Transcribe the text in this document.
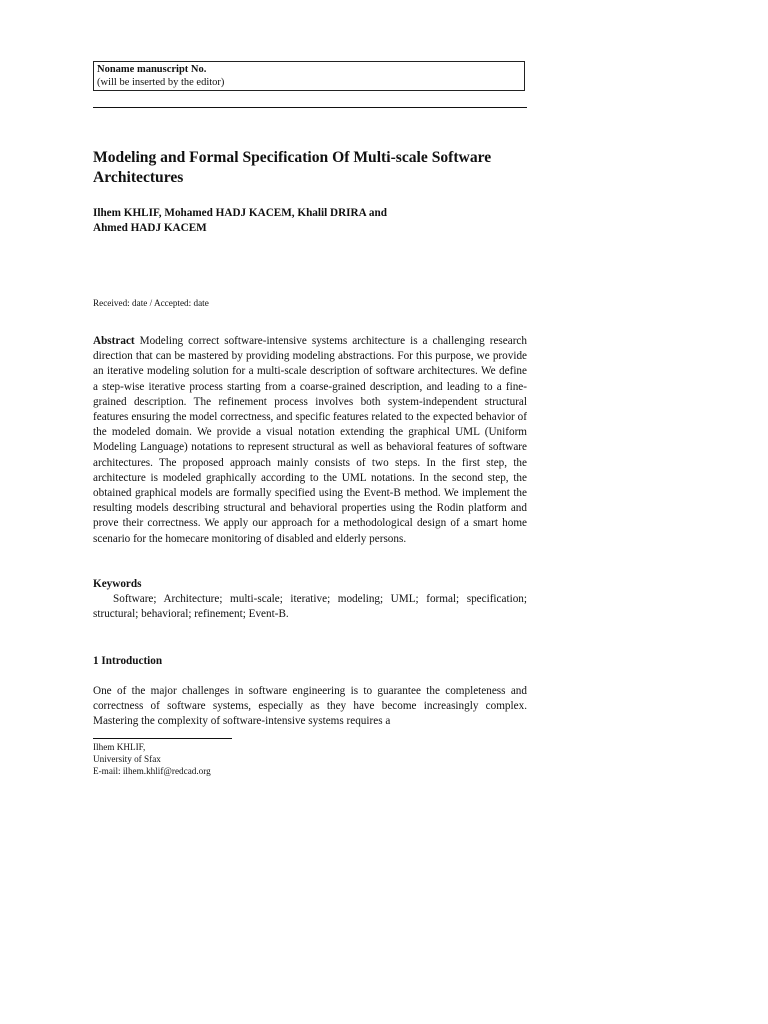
Noname manuscript No.
(will be inserted by the editor)
Modeling and Formal Specification Of Multi-scale Software Architectures
Ilhem KHLIF, Mohamed HADJ KACEM, Khalil DRIRA and Ahmed HADJ KACEM
Received: date / Accepted: date

Abstract Modeling correct software-intensive systems architecture is a challenging research direction that can be mastered by providing modeling abstractions. For this purpose, we provide an iterative modeling solution for a multi-scale description of software architectures. We define a step-wise iterative process starting from a coarse-grained description, and leading to a fine-grained description. The refinement process involves both system-independent structural features ensuring the model correctness, and specific features related to the expected behavior of the modeled domain. We provide a visual notation extending the graphical UML (Uniform Modeling Language) notations to represent structural as well as behavioral features of software architectures. The proposed approach mainly consists of two steps. In the first step, the architecture is modeled graphically according to the UML notations. In the second step, the obtained graphical models are formally specified using the Event-B method. We implement the resulting models describing structural and behavioral properties using the Rodin platform and prove their correctness. We apply our approach for a methodological design of a smart home scenario for the homecare monitoring of disabled and elderly persons.

Keywords

Software; Architecture; multi-scale; iterative; modeling; UML; formal; specification; structural; behavioral; refinement; Event-B.

1 Introduction

One of the major challenges in software engineering is to guarantee the completeness and correctness of software systems, especially as they have become increasingly complex. Mastering the complexity of software-intensive systems requires a

Ilhem KHLIF,
University of Sfax
E-mail: ilhem.khlif@redcad.org
